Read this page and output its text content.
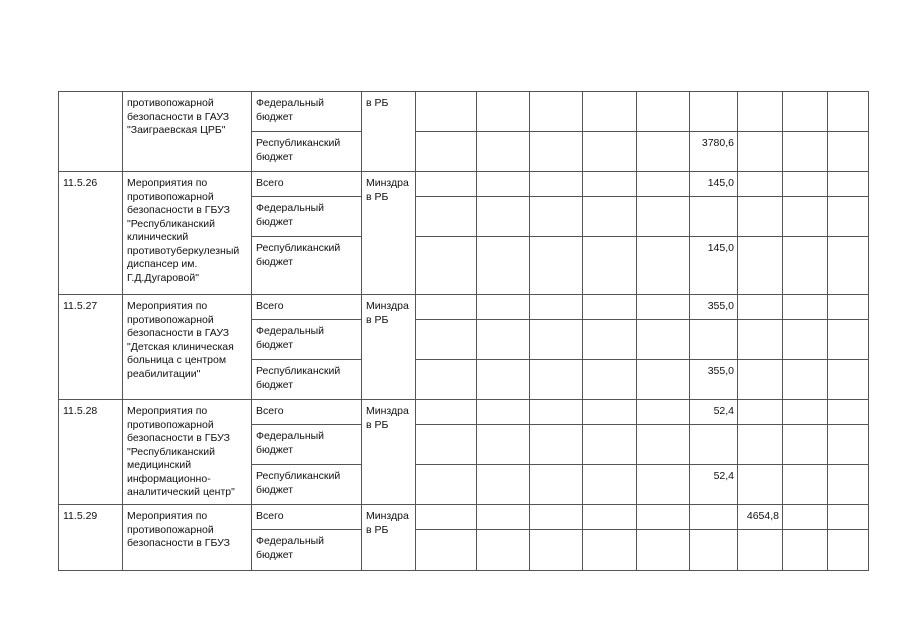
	противопожарной безопасности в ГАУЗ "Заиграевская ЦРБ"	Федеральный бюджет	в РБ									
		Республиканский бюджет							3780,6			
11.5.26	Мероприятия по противопожарной безопасности в ГБУЗ "Республиканский клинический противотуберкулезный диспансер им. Г.Д.Дугаровой"	Всего	Минздра в РБ						145,0			
		Федеральный бюджет										
		Республиканский бюджет							145,0			
11.5.27	Мероприятия по противопожарной безопасности в ГАУЗ "Детская клиническая больница с центром реабилитации"	Всего	Минздра в РБ						355,0			
		Федеральный бюджет										
		Республиканский бюджет							355,0			
11.5.28	Мероприятия по противопожарной безопасности в ГБУЗ "Республиканский медицинский информационно-аналитический центр"	Всего	Минздра в РБ						52,4			
		Федеральный бюджет										
		Республиканский бюджет							52,4			
11.5.29	Мероприятия по противопожарной безопасности в ГБУЗ	Всего	Минздра в РБ							4654,8		
		Федеральный бюджет										
